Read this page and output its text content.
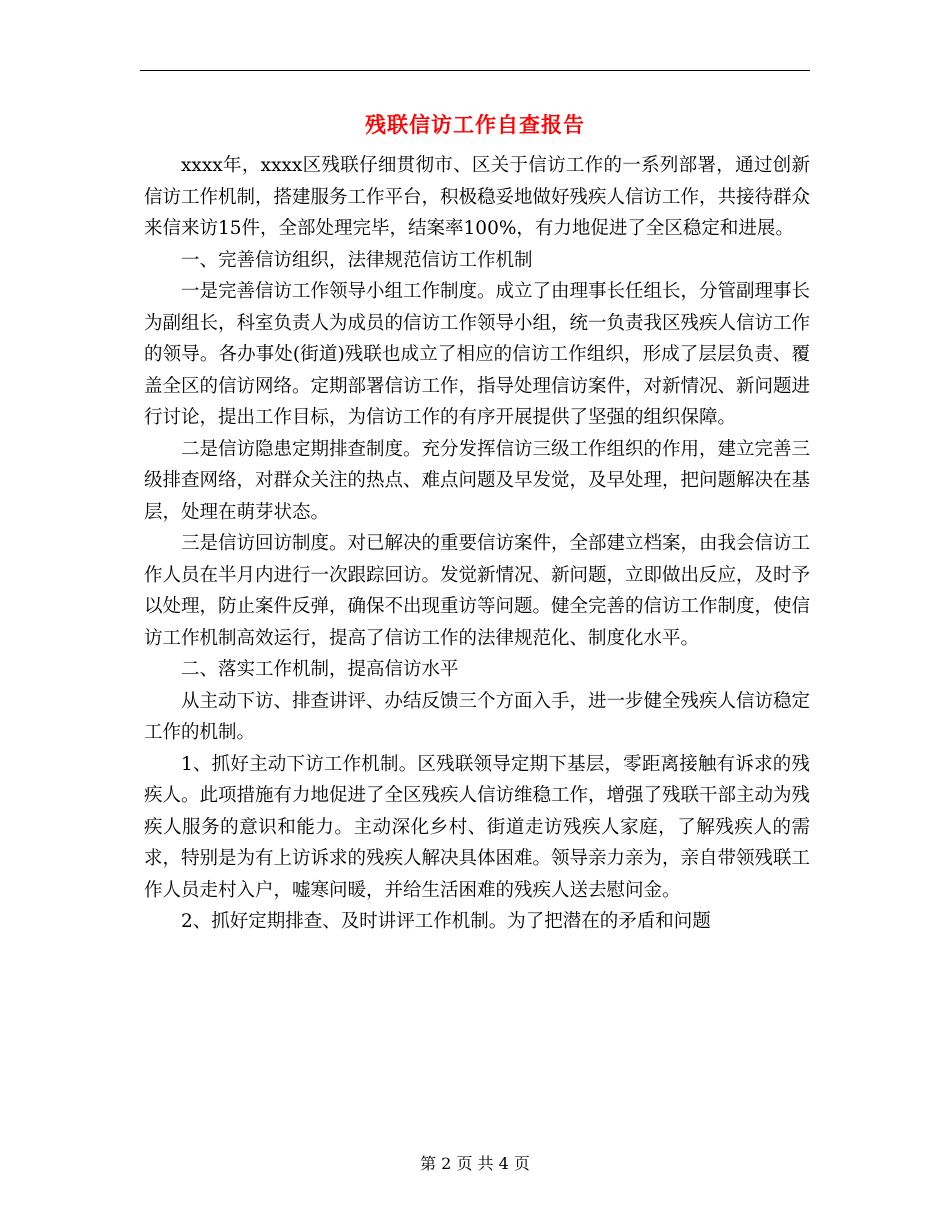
残联信访工作自查报告

xxxx年，xxxx区残联仔细贯彻市、区关于信访工作的一系列部署，通过创新信访工作机制，搭建服务工作平台，积极稳妥地做好残疾人信访工作，共接待群众来信来访15件，全部处理完毕，结案率100%，有力地促进了全区稳定和进展。

一、完善信访组织，法律规范信访工作机制

一是完善信访工作领导小组工作制度。成立了由理事长任组长，分管副理事长为副组长，科室负责人为成员的信访工作领导小组，统一负责我区残疾人信访工作的领导。各办事处(街道)残联也成立了相应的信访工作组织，形成了层层负责、覆盖全区的信访网络。定期部署信访工作，指导处理信访案件，对新情况、新问题进行讨论，提出工作目标，为信访工作的有序开展提供了坚强的组织保障。

二是信访隐患定期排查制度。充分发挥信访三级工作组织的作用，建立完善三级排查网络，对群众关注的热点、难点问题及早发觉，及早处理，把问题解决在基层，处理在萌芽状态。

三是信访回访制度。对已解决的重要信访案件，全部建立档案，由我会信访工作人员在半月内进行一次跟踪回访。发觉新情况、新问题，立即做出反应，及时予以处理，防止案件反弹，确保不出现重访等问题。健全完善的信访工作制度，使信访工作机制高效运行，提高了信访工作的法律规范化、制度化水平。

二、落实工作机制，提高信访水平

从主动下访、排查讲评、办结反馈三个方面入手，进一步健全残疾人信访稳定工作的机制。

1、抓好主动下访工作机制。区残联领导定期下基层，零距离接触有诉求的残疾人。此项措施有力地促进了全区残疾人信访维稳工作，增强了残联干部主动为残疾人服务的意识和能力。主动深化乡村、街道走访残疾人家庭，了解残疾人的需求，特别是为有上访诉求的残疾人解决具体困难。领导亲力亲为，亲自带领残联工作人员走村入户，嘘寒问暖，并给生活困难的残疾人送去慰问金。

2、抓好定期排查、及时讲评工作机制。为了把潜在的矛盾和问题

第 2 页 共 4 页
